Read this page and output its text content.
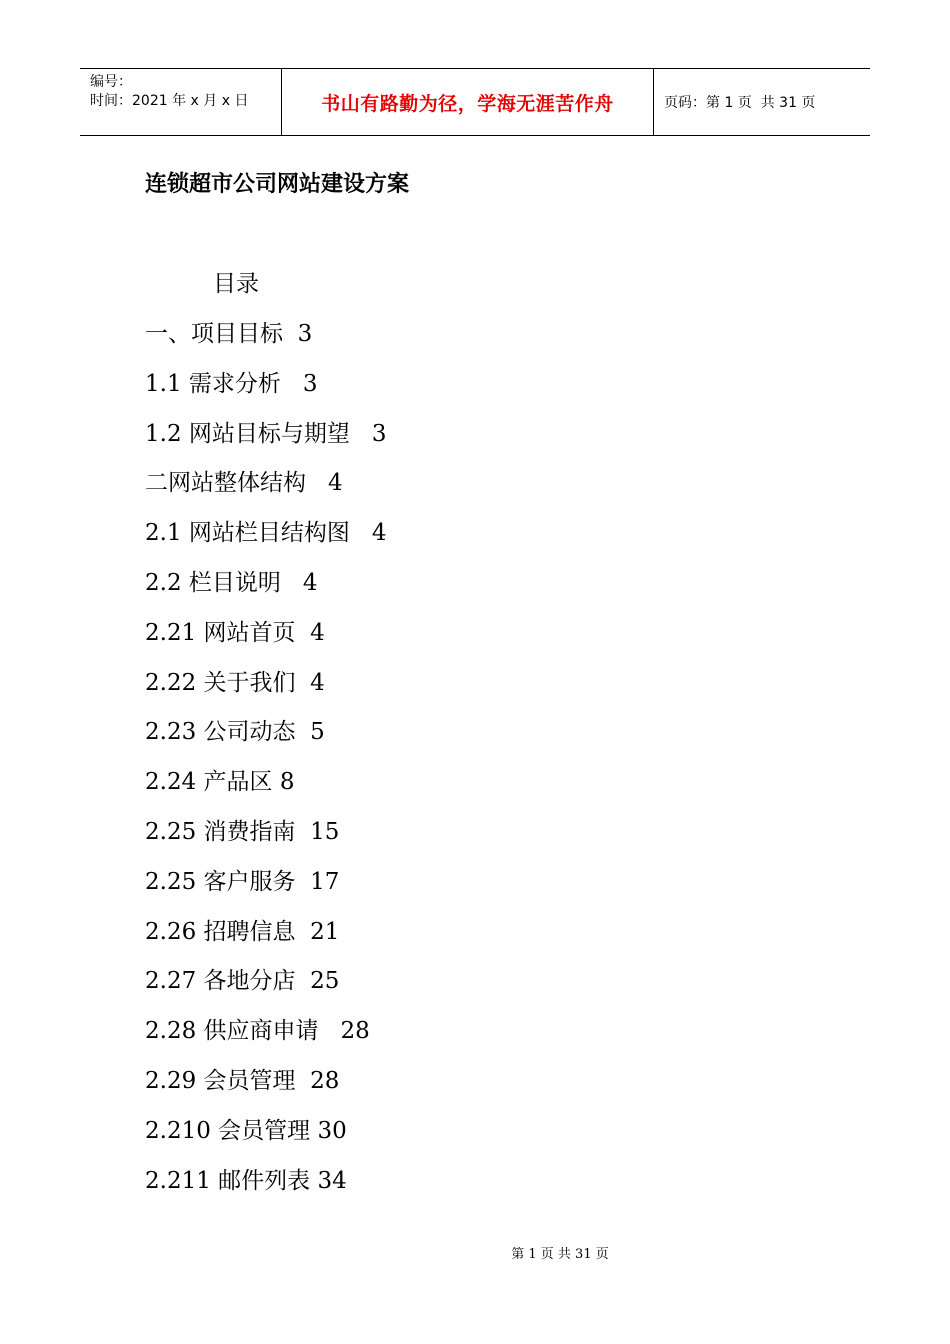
编号：
时间：2021 年 x 月 x 日	书山有路勤为径，学海无涯苦作舟	页码：第 1 页  共 31 页
连锁超市公司网站建设方案
目录
一、项目目标 3
1.1 需求分析 3
1.2 网站目标与期望 3
二网站整体结构 4
2.1 网站栏目结构图 4
2.2 栏目说明 4
2.21 网站首页 4
2.22 关于我们 4
2.23 公司动态 5
2.24 产品区 8
2.25 消费指南 15
2.25 客户服务 17
2.26 招聘信息 21
2.27 各地分店 25
2.28 供应商申请 28
2.29 会员管理 28
2.210 会员管理 30
2.211 邮件列表 34
第 1 页 共 31 页
